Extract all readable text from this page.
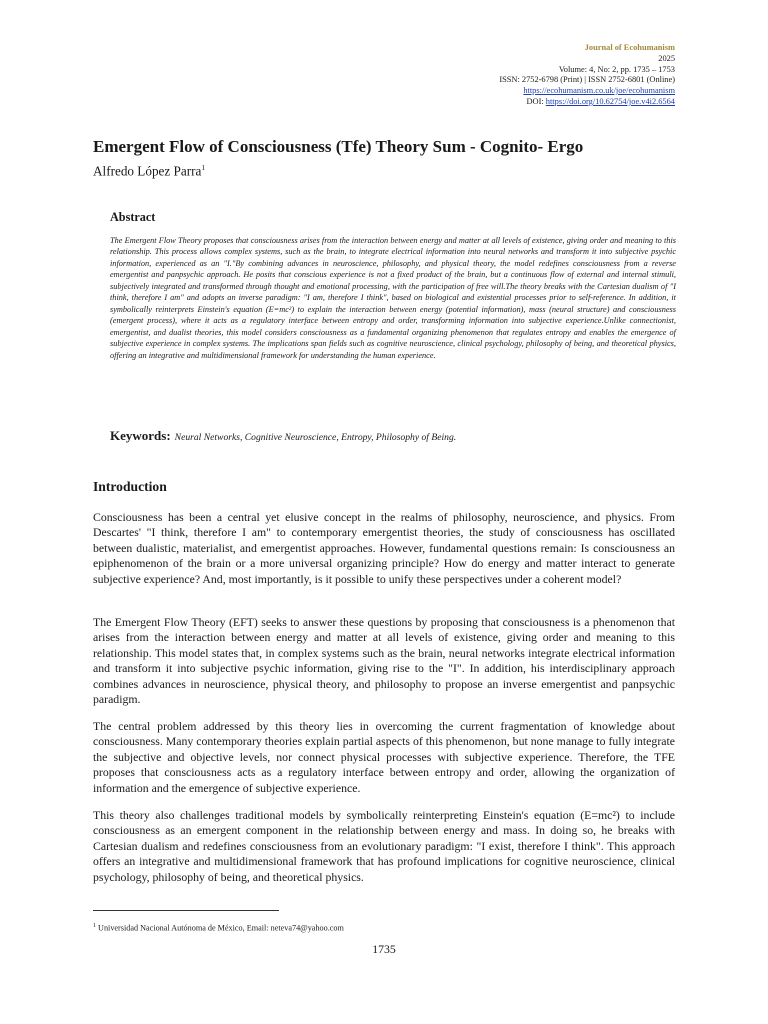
Journal of Ecohumanism
2025
Volume: 4, No: 2, pp. 1735 – 1753
ISSN: 2752-6798 (Print) | ISSN 2752-6801 (Online)
https://ecohumanism.co.uk/joe/ecohumanism
DOI: https://doi.org/10.62754/joe.v4i2.6564
Emergent Flow of Consciousness (Tfe) Theory Sum - Cognito- Ergo
Alfredo López Parra$^1$
Abstract

The Emergent Flow Theory proposes that consciousness arises from the interaction between energy and matter at all levels of existence, giving order and meaning to this relationship. This process allows complex systems, such as the brain, to integrate electrical information into neural networks and transform it into subjective psychic information, experienced as an "I."By combining advances in neuroscience, philosophy, and physical theory, the model redefines consciousness from a reverse emergentist and panpsychic approach. He posits that conscious experience is not a fixed product of the brain, but a continuous flow of external and internal stimuli, subjectively integrated and transformed through thought and emotional processing, with the participation of free will.The theory breaks with the Cartesian dualism of "I think, therefore I am" and adopts an inverse paradigm: "I am, therefore I think", based on biological and existential processes prior to self-reference. In addition, it symbolically reinterprets Einstein's equation (E=mc²) to explain the interaction between energy (potential information), mass (neural structure) and consciousness (emergent process), where it acts as a regulatory interface between entropy and order, transforming information into subjective experience.Unlike connectionist, emergentist, and dualist theories, this model considers consciousness as a fundamental organizing phenomenon that regulates entropy and enables the emergence of subjective experience in complex systems. The implications span fields such as cognitive neuroscience, clinical psychology, philosophy of being, and theoretical physics, offering an integrative and multidimensional framework for understanding the human experience.

Keywords: Neural Networks, Cognitive Neuroscience, Entropy, Philosophy of Being.
Introduction

Consciousness has been a central yet elusive concept in the realms of philosophy, neuroscience, and physics. From Descartes' "I think, therefore I am" to contemporary emergentist theories, the study of consciousness has oscillated between dualistic, materialist, and emergentist approaches. However, fundamental questions remain: Is consciousness an epiphenomenon of the brain or a more universal organizing principle? How do energy and matter interact to generate subjective experience? And, most importantly, is it possible to unify these perspectives under a coherent model?

The Emergent Flow Theory (EFT) seeks to answer these questions by proposing that consciousness is a phenomenon that arises from the interaction between energy and matter at all levels of existence, giving order and meaning to this relationship. This model states that, in complex systems such as the brain, neural networks integrate electrical information and transform it into subjective psychic information, giving rise to the "I". In addition, his interdisciplinary approach combines advances in neuroscience, physical theory, and philosophy to propose an inverse emergentist and panpsychic paradigm.

The central problem addressed by this theory lies in overcoming the current fragmentation of knowledge about consciousness. Many contemporary theories explain partial aspects of this phenomenon, but none manage to fully integrate the subjective and objective levels, nor connect physical processes with subjective experience. Therefore, the TFE proposes that consciousness acts as a regulatory interface between entropy and order, allowing the organization of information and the emergence of subjective experience.

This theory also challenges traditional models by symbolically reinterpreting Einstein's equation (E=mc²) to include consciousness as an emergent component in the relationship between energy and mass. In doing so, he breaks with Cartesian dualism and redefines consciousness from an evolutionary paradigm: "I exist, therefore I think". This approach offers an integrative and multidimensional framework that has profound implications for cognitive neuroscience, clinical psychology, philosophy of being, and theoretical physics.

$^1$ Universidad Nacional Autónoma de México, Email: neteva74@yahoo.com
1735
